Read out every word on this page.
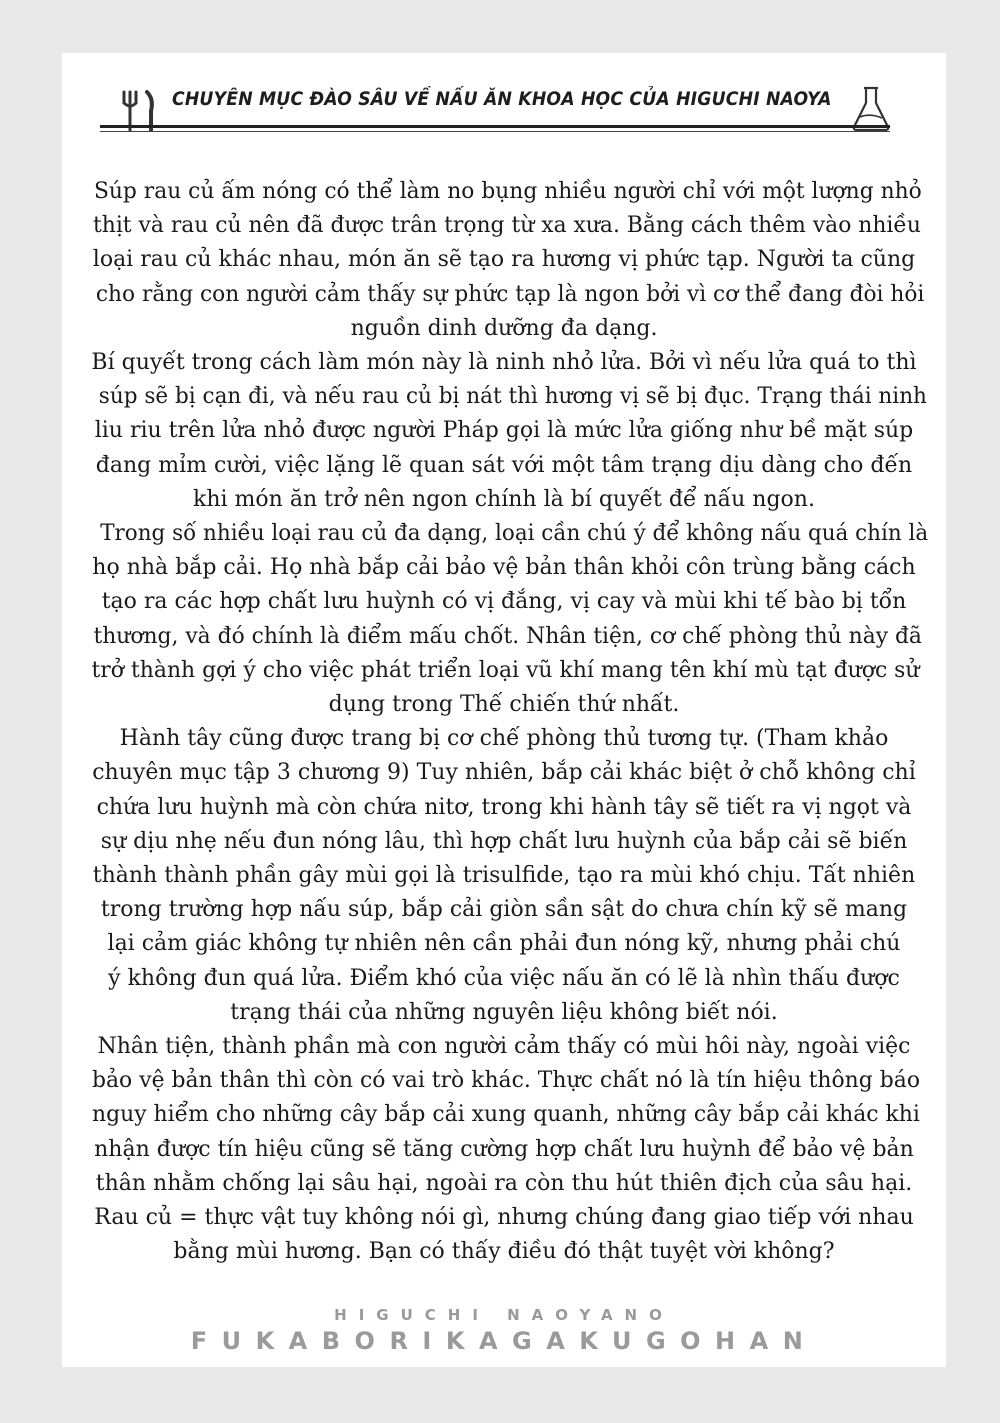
CHUYÊN MỤC ĐÀO SÂU VỀ NẤU ĂN KHOA HỌC CỦA HIGUCHI NAOYA
Súp rau củ ấm nóng có thể làm no bụng nhiều người chỉ với một lượng nhỏ
thịt và rau củ nên đã được trân trọng từ xa xưa. Bằng cách thêm vào nhiều
loại rau củ khác nhau, món ăn sẽ tạo ra hương vị phức tạp. Người ta cũng
cho rằng con người cảm thấy sự phức tạp là ngon bởi vì cơ thể đang đòi hỏi
nguồn dinh dưỡng đa dạng.
Bí quyết trong cách làm món này là ninh nhỏ lửa. Bởi vì nếu lửa quá to thì
súp sẽ bị cạn đi, và nếu rau củ bị nát thì hương vị sẽ bị đục. Trạng thái ninh
liu riu trên lửa nhỏ được người Pháp gọi là mức lửa giống như bề mặt súp
đang mỉm cười, việc lặng lẽ quan sát với một tâm trạng dịu dàng cho đến
khi món ăn trở nên ngon chính là bí quyết để nấu ngon.
Trong số nhiều loại rau củ đa dạng, loại cần chú ý để không nấu quá chín là
họ nhà bắp cải. Họ nhà bắp cải bảo vệ bản thân khỏi côn trùng bằng cách
tạo ra các hợp chất lưu huỳnh có vị đắng, vị cay và mùi khi tế bào bị tổn
thương, và đó chính là điểm mấu chốt. Nhân tiện, cơ chế phòng thủ này đã
trở thành gợi ý cho việc phát triển loại vũ khí mang tên khí mù tạt được sử
dụng trong Thế chiến thứ nhất.
Hành tây cũng được trang bị cơ chế phòng thủ tương tự. (Tham khảo
chuyên mục tập 3 chương 9) Tuy nhiên, bắp cải khác biệt ở chỗ không chỉ
chứa lưu huỳnh mà còn chứa nitơ, trong khi hành tây sẽ tiết ra vị ngọt và
sự dịu nhẹ nếu đun nóng lâu, thì hợp chất lưu huỳnh của bắp cải sẽ biến
thành thành phần gây mùi gọi là trisulfide, tạo ra mùi khó chịu. Tất nhiên
trong trường hợp nấu súp, bắp cải giòn sần sật do chưa chín kỹ sẽ mang
lại cảm giác không tự nhiên nên cần phải đun nóng kỹ, nhưng phải chú
ý không đun quá lửa. Điểm khó của việc nấu ăn có lẽ là nhìn thấu được
trạng thái của những nguyên liệu không biết nói.
Nhân tiện, thành phần mà con người cảm thấy có mùi hôi này, ngoài việc
bảo vệ bản thân thì còn có vai trò khác. Thực chất nó là tín hiệu thông báo
nguy hiểm cho những cây bắp cải xung quanh, những cây bắp cải khác khi
nhận được tín hiệu cũng sẽ tăng cường hợp chất lưu huỳnh để bảo vệ bản
thân nhằm chống lại sâu hại, ngoài ra còn thu hút thiên địch của sâu hại.
Rau củ = thực vật tuy không nói gì, nhưng chúng đang giao tiếp với nhau
bằng mùi hương. Bạn có thấy điều đó thật tuyệt vời không?
HIGUCHI NAOYANO
FUKABORIKAGAKUGOHAN
